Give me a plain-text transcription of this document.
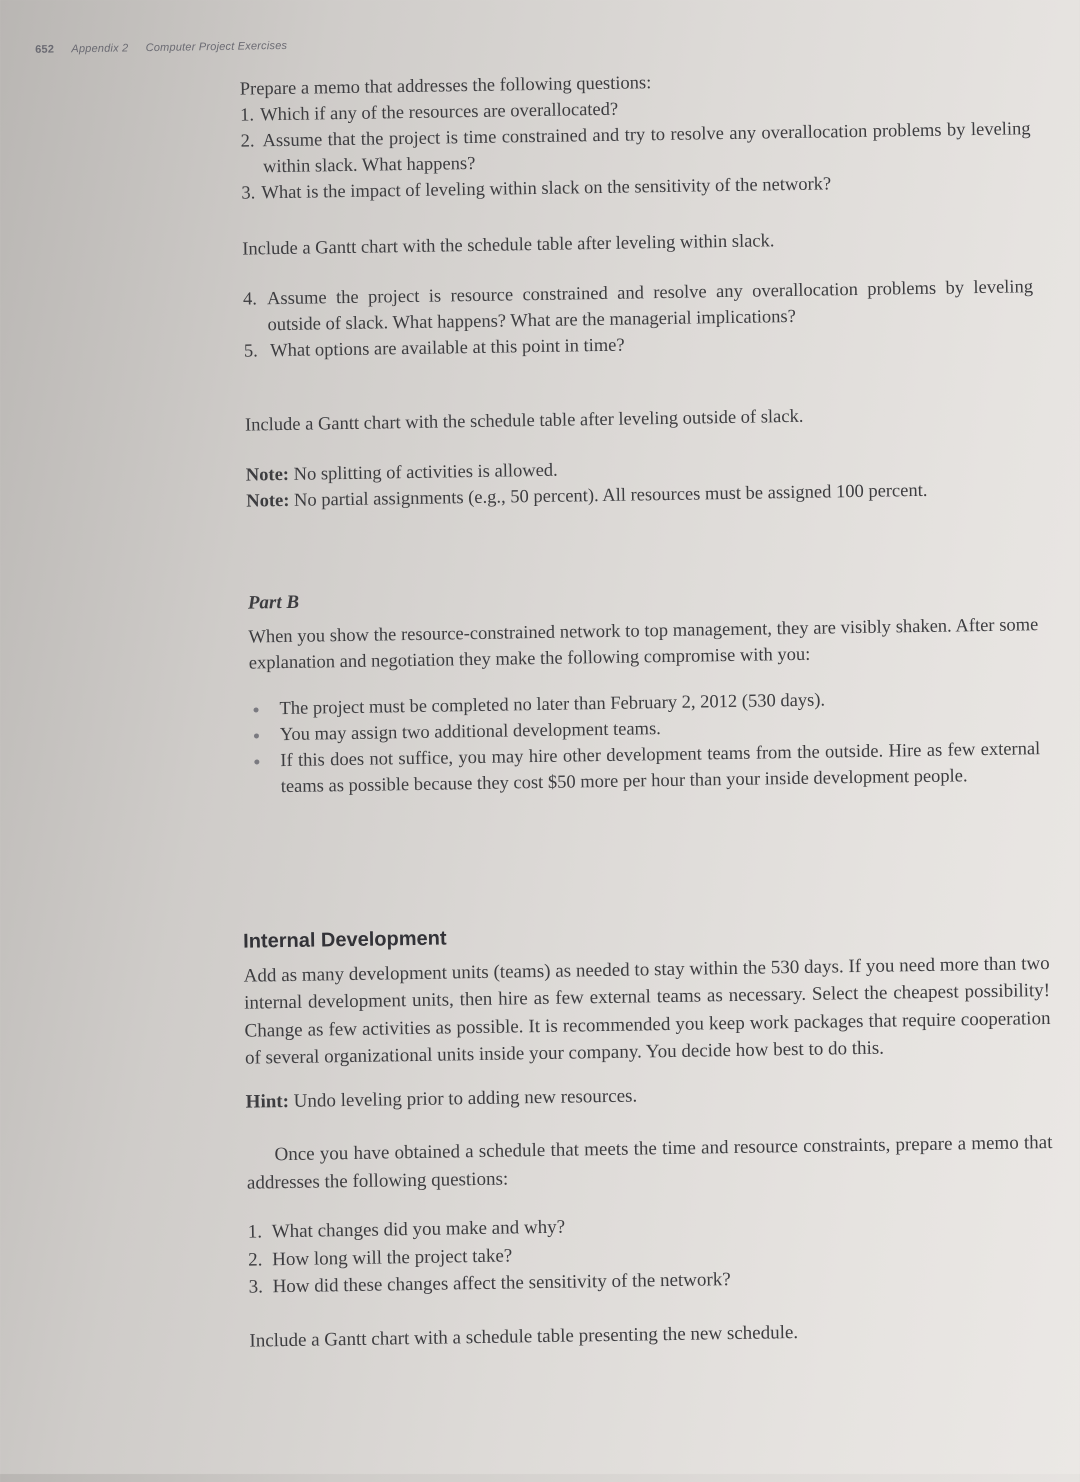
652 Appendix 2 Computer Project Exercises
Prepare a memo that addresses the following questions:
1. Which if any of the resources are overallocated?
2. Assume that the project is time constrained and try to resolve any overallocation problems by leveling within slack. What happens?
3. What is the impact of leveling within slack on the sensitivity of the network?
Include a Gantt chart with the schedule table after leveling within slack.
4. Assume the project is resource constrained and resolve any overallocation problems by leveling outside of slack. What happens? What are the managerial implications?
5. What options are available at this point in time?
Include a Gantt chart with the schedule table after leveling outside of slack.
Note: No splitting of activities is allowed.
Note: No partial assignments (e.g., 50 percent). All resources must be assigned 100 percent.
Part B
When you show the resource-constrained network to top management, they are visibly shaken. After some explanation and negotiation they make the following compromise with you:
The project must be completed no later than February 2, 2012 (530 days).
You may assign two additional development teams.
If this does not suffice, you may hire other development teams from the outside. Hire as few external teams as possible because they cost $50 more per hour than your inside development people.
Internal Development
Add as many development units (teams) as needed to stay within the 530 days. If you need more than two internal development units, then hire as few external teams as necessary. Select the cheapest possibility! Change as few activities as possible. It is recommended you keep work packages that require cooperation of several organizational units inside your company. You decide how best to do this.
Hint: Undo leveling prior to adding new resources.
Once you have obtained a schedule that meets the time and resource constraints, prepare a memo that addresses the following questions:
1. What changes did you make and why?
2. How long will the project take?
3. How did these changes affect the sensitivity of the network?
Include a Gantt chart with a schedule table presenting the new schedule.
